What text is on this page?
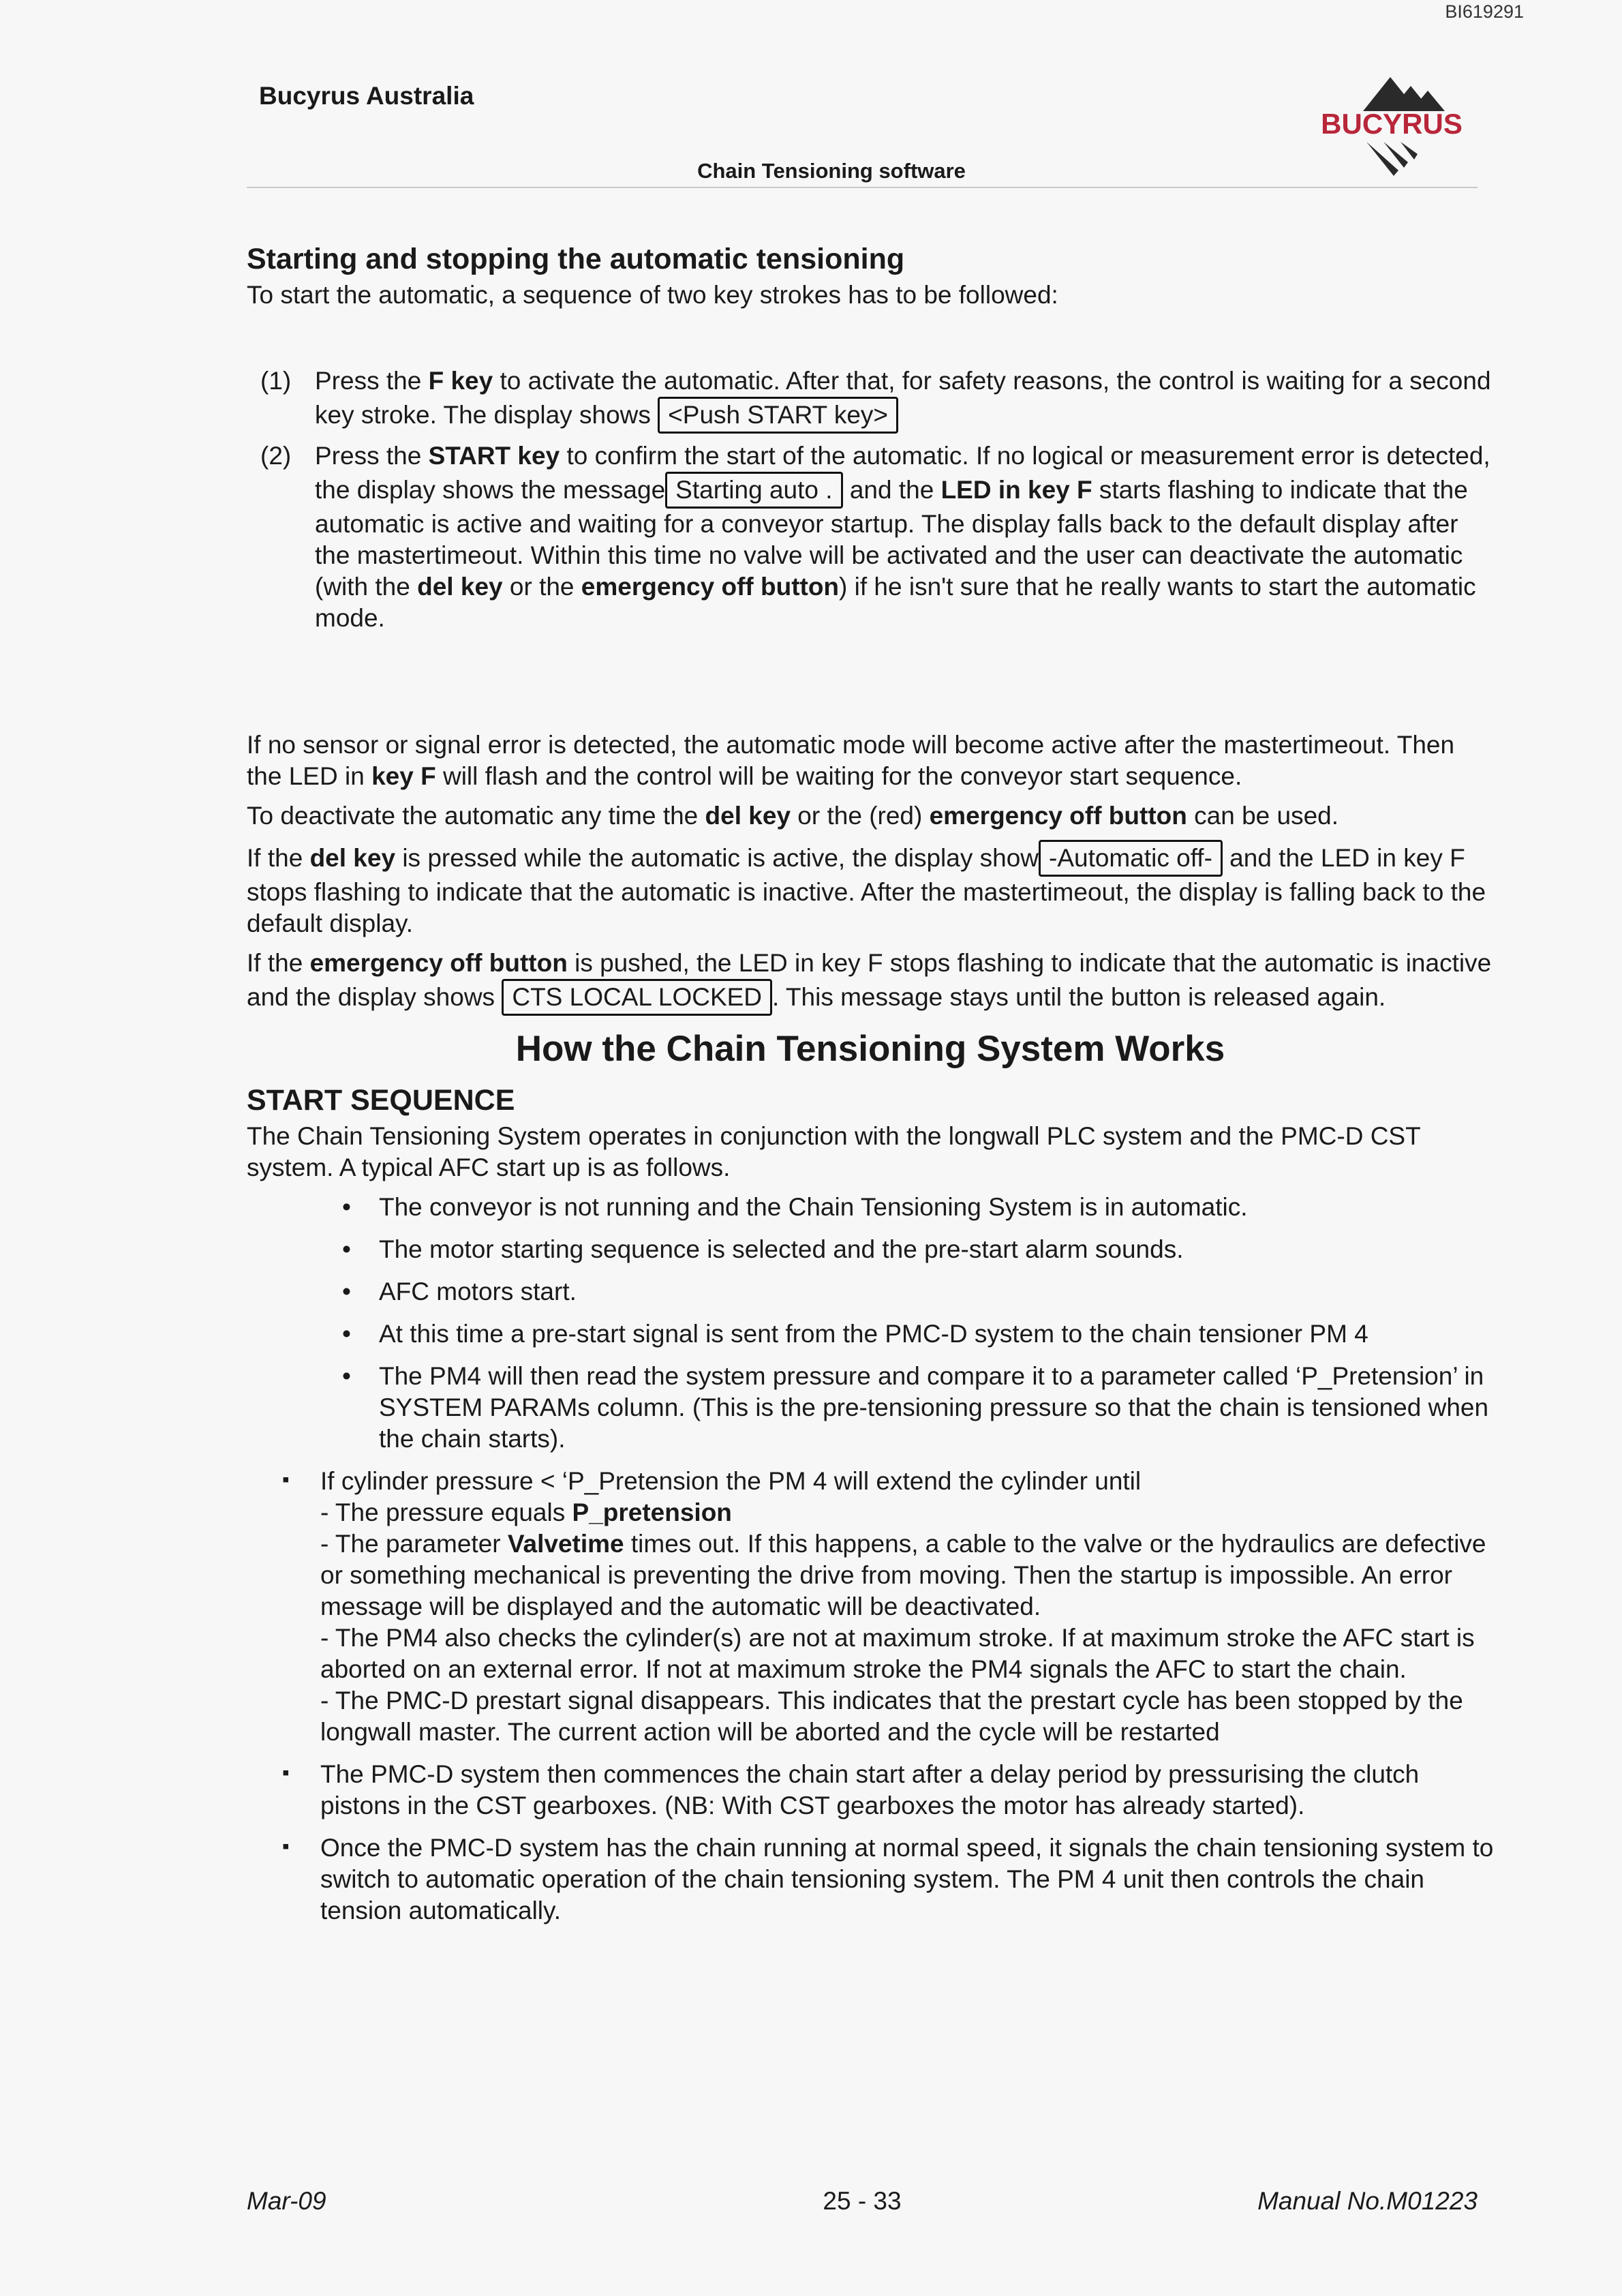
BI619291
Bucyrus Australia
Chain Tensioning software
BUCYRUS
Starting and stopping the automatic tensioning

To start the automatic, a sequence of two key strokes has to be followed:

(1) Press the F key to activate the automatic. After that, for safety reasons, the control is waiting for a second key stroke. The display shows <Push START key>
(2) Press the START key to confirm the start of the automatic. If no logical or measurement error is detected, the display shows the message Starting auto . and the LED in key F starts flashing to indicate that the automatic is active and waiting for a conveyor startup. The display falls back to the default display after the mastertimeout. Within this time no valve will be activated and the user can deactivate the automatic (with the del key or the emergency off button) if he isn't sure that he really wants to start the automatic mode.

If no sensor or signal error is detected, the automatic mode will become active after the mastertimeout. Then the LED in key F will flash and the control will be waiting for the conveyor start sequence.

To deactivate the automatic any time the del key or the (red) emergency off button can be used.

If the del key is pressed while the automatic is active, the display show -Automatic off- and the LED in key F stops flashing to indicate that the automatic is inactive. After the mastertimeout, the display is falling back to the default display.

If the emergency off button is pushed, the LED in key F stops flashing to indicate that the automatic is inactive and the display shows CTS LOCAL LOCKED . This message stays until the button is released again.

How the Chain Tensioning System Works
START SEQUENCE

The Chain Tensioning System operates in conjunction with the longwall PLC system and the PMC-D CST system. A typical AFC start up is as follows.

• The conveyor is not running and the Chain Tensioning System is in automatic.
• The motor starting sequence is selected and the pre-start alarm sounds.
• AFC motors start.
• At this time a pre-start signal is sent from the PMC-D system to the chain tensioner PM 4
• The PM4 will then read the system pressure and compare it to a parameter called ‘P_Pretension’ in SYSTEM PARAMs column. (This is the pre-tensioning pressure so that the chain is tensioned when the chain starts).
▪ If cylinder pressure < ‘P_Pretension the PM 4 will extend the cylinder until
- The pressure equals P_pretension
- The parameter Valvetime times out. If this happens, a cable to the valve or the hydraulics are defective or something mechanical is preventing the drive from moving. Then the startup is impossible. An error message will be displayed and the automatic will be deactivated.
- The PM4 also checks the cylinder(s) are not at maximum stroke. If at maximum stroke the AFC start is aborted on an external error. If not at maximum stroke the PM4 signals the AFC to start the chain.
- The PMC-D prestart signal disappears. This indicates that the prestart cycle has been stopped by the longwall master. The current action will be aborted and the cycle will be restarted
▪ The PMC-D system then commences the chain start after a delay period by pressurising the clutch pistons in the CST gearboxes. (NB: With CST gearboxes the motor has already started).
▪ Once the PMC-D system has the chain running at normal speed, it signals the chain tensioning system to switch to automatic operation of the chain tensioning system. The PM 4 unit then controls the chain tension automatically.
Mar-09	25 - 33	Manual No.M01223
